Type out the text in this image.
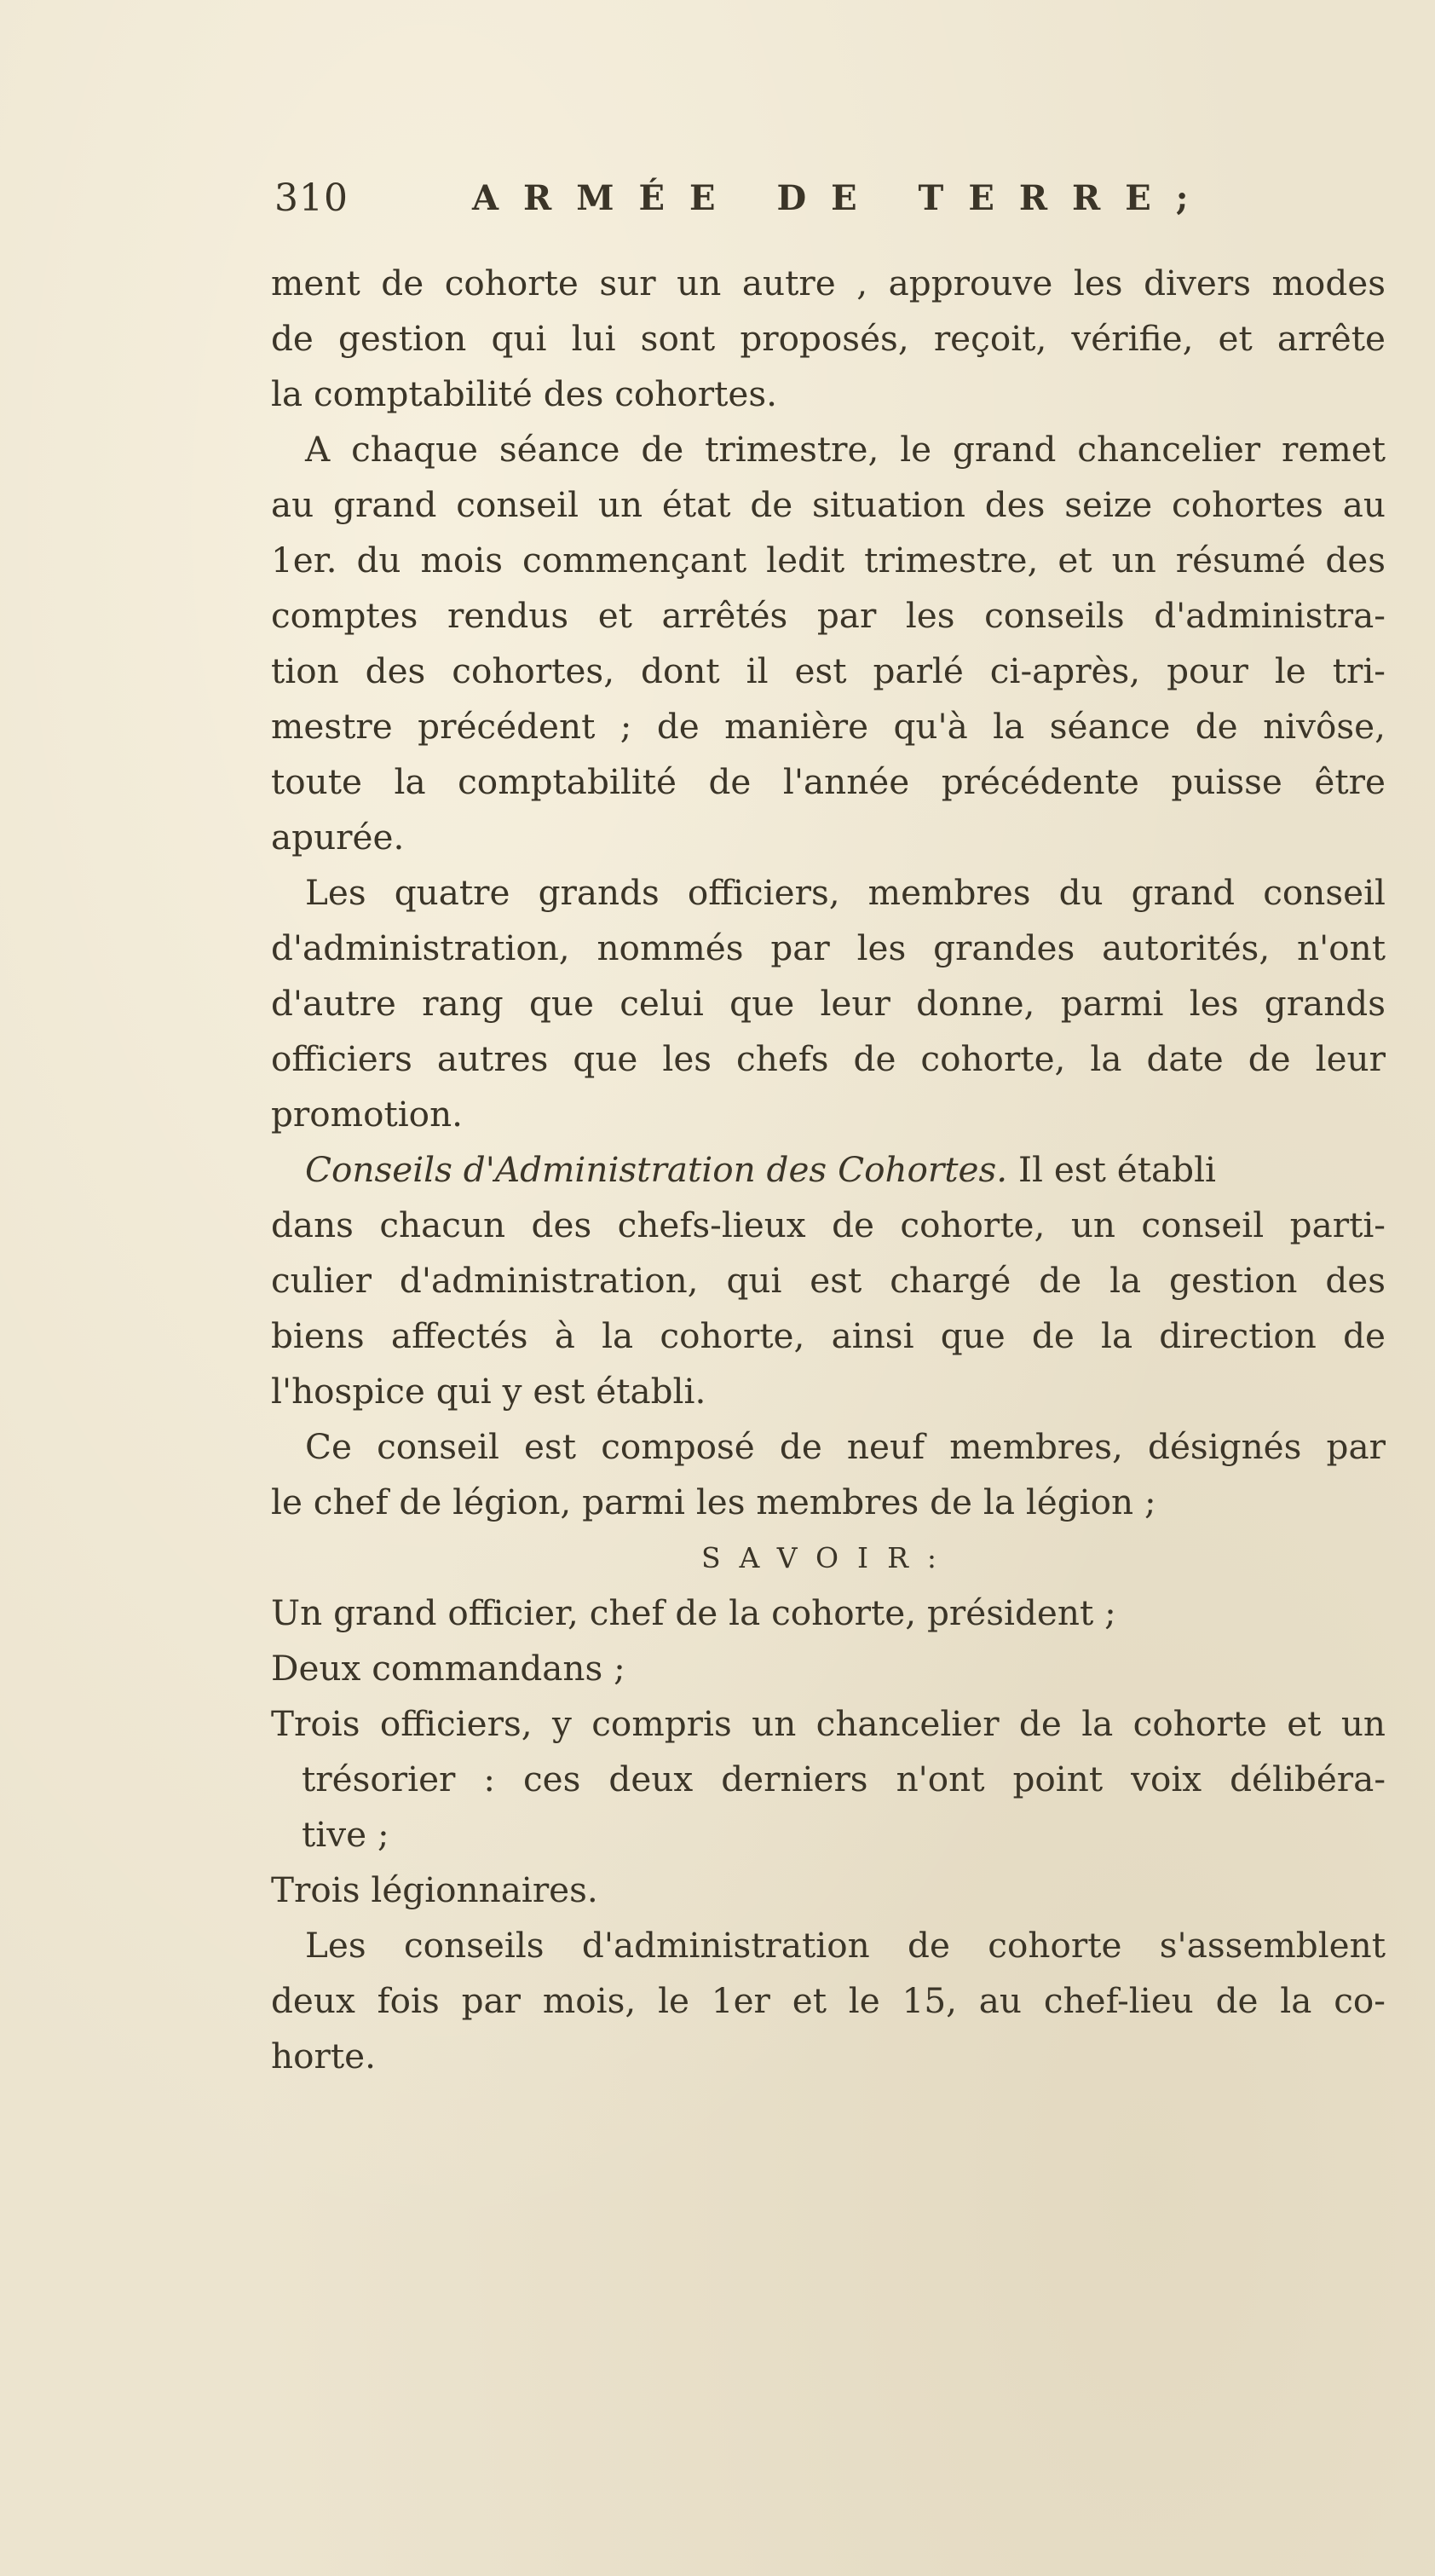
310	ARMÉE DE TERRE;
ment de cohorte sur un autre , approuve les divers modes
de gestion qui lui sont proposés, reçoit, vérifie, et arrête
la comptabilité des cohortes.
A chaque séance de trimestre, le grand chancelier remet
au grand conseil un état de situation des seize cohortes au
1er. du mois commençant ledit trimestre, et un résumé des
comptes rendus et arrêtés par les conseils d'administra-
tion des cohortes, dont il est parlé ci-après, pour le tri-
mestre précédent ; de manière qu'à la séance de nivôse,
toute la comptabilité de l'année précédente puisse être
apurée.
Les quatre grands officiers, membres du grand conseil
d'administration, nommés par les grandes autorités, n'ont
d'autre rang que celui que leur donne, parmi les grands
officiers autres que les chefs de cohorte, la date de leur
promotion.
Conseils d'Administration des Cohortes. Il est établi
dans chacun des chefs-lieux de cohorte, un conseil parti-
culier d'administration, qui est chargé de la gestion des
biens affectés à la cohorte, ainsi que de la direction de
l'hospice qui y est établi.
Ce conseil est composé de neuf membres, désignés par
le chef de légion, parmi les membres de la légion ;
SAVOIR:
Un grand officier, chef de la cohorte, président ;
Deux commandans ;
Trois officiers, y compris un chancelier de la cohorte et un
trésorier : ces deux derniers n'ont point voix délibéra-
tive ;
Trois légionnaires.
Les conseils d'administration de cohorte s'assemblent
deux fois par mois, le 1er et le 15, au chef-lieu de la co-
horte.
